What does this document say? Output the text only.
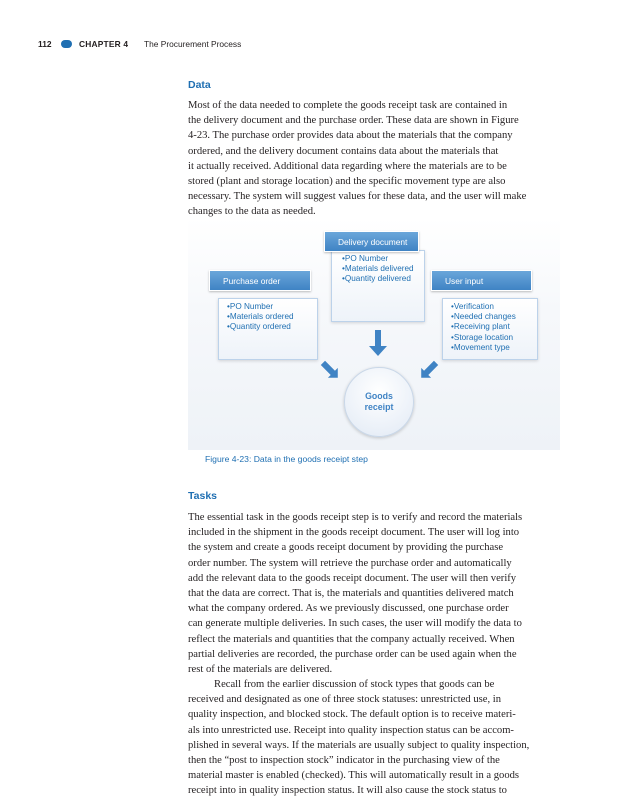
112	CHAPTER 4 The Procurement Process
Data
Most of the data needed to complete the goods receipt task are contained in
the delivery document and the purchase order. These data are shown in Figure
4-23. The purchase order provides data about the materials that the company
ordered, and the delivery document contains data about the materials that
it actually received. Additional data regarding where the materials are to be
stored (plant and storage location) and the specific movement type are also
necessary. The system will suggest values for these data, and the user will make
changes to the data as needed.
• PO Number
• Materials delivered
• Quantity delivered
Delivery document
• PO Number
• Materials ordered
• Quantity ordered
Purchase order
• Verification
• Needed changes
• Receiving plant
• Storage location
• Movement type
User input
Goods
receipt
Figure 4-23: Data in the goods receipt step
Tasks
The essential task in the goods receipt step is to verify and record the materials
included in the shipment in the goods receipt document. The user will log into
the system and create a goods receipt document by providing the purchase
order number. The system will retrieve the purchase order and automatically
add the relevant data to the goods receipt document. The user will then verify
that the data are correct. That is, the materials and quantities delivered match
what the company ordered. As we previously discussed, one purchase order
can generate multiple deliveries. In such cases, the user will modify the data to
reflect the materials and quantities that the company actually received. When
partial deliveries are recorded, the purchase order can be used again when the
rest of the materials are delivered.
Recall from the earlier discussion of stock types that goods can be
received and designated as one of three stock statuses: unrestricted use, in
quality inspection, and blocked stock. The default option is to receive materi-
als into unrestricted use. Receipt into quality inspection status can be accom-
plished in several ways. If the materials are usually subject to quality inspection,
then the “post to inspection stock” indicator in the purchasing view of the
material master is enabled (checked). This will automatically result in a goods
receipt into in quality inspection status. It will also cause the stock status to
